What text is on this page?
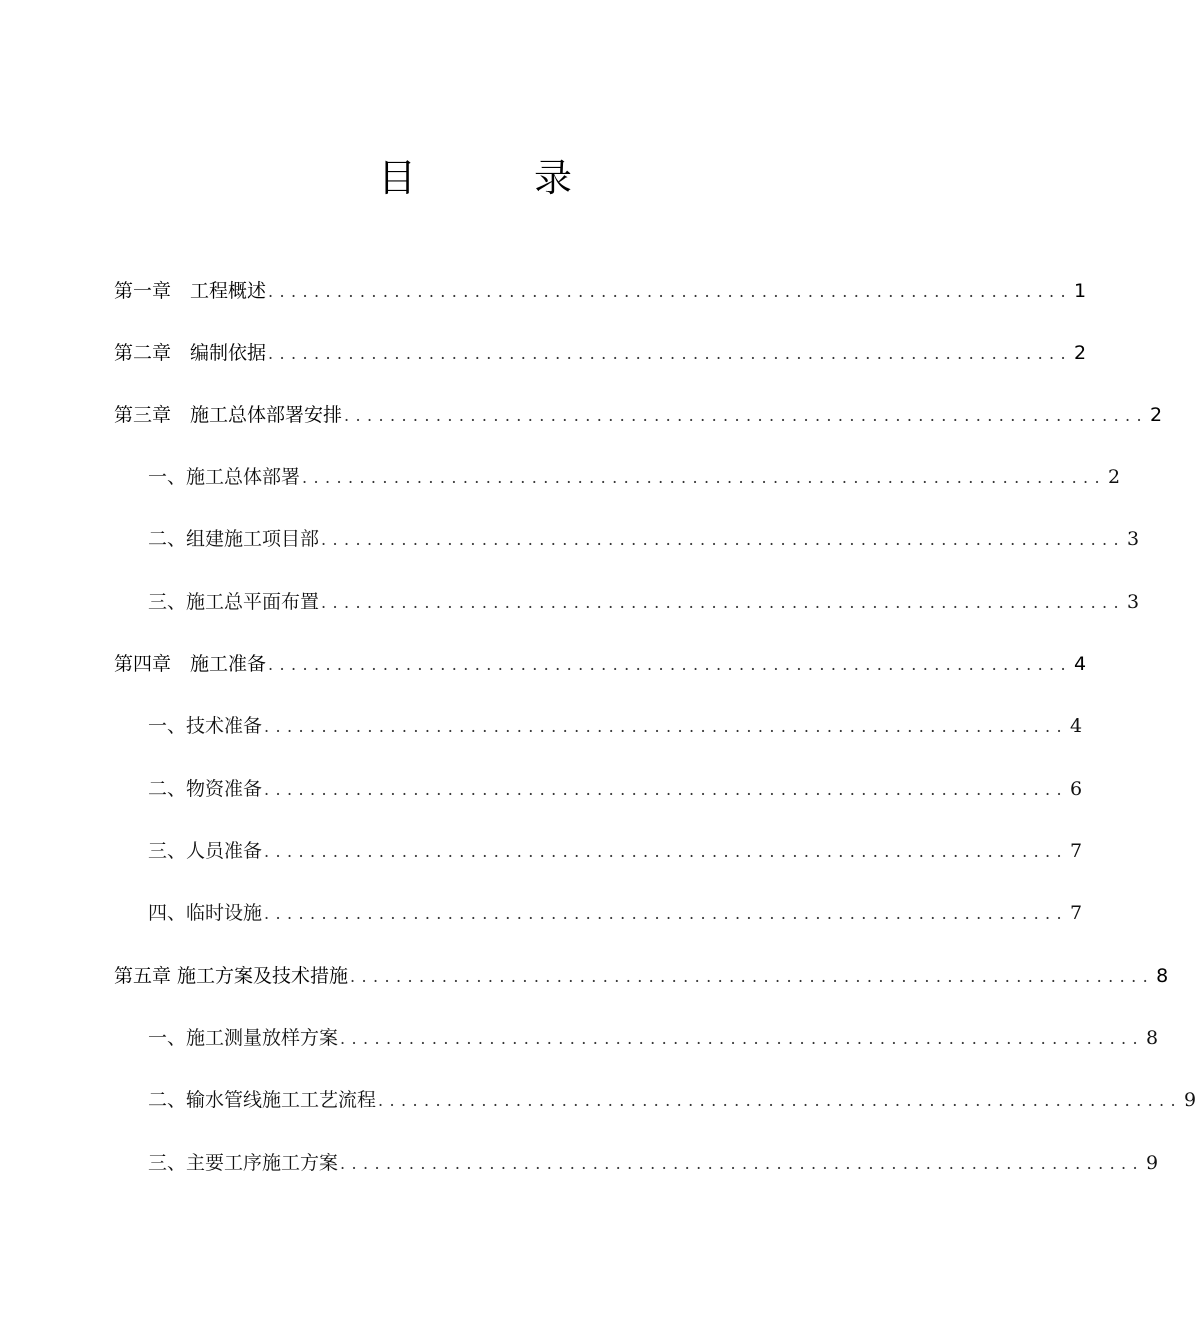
目　录
第一章　工程概述 ...................................................................... 1
第二章　编制依据 ...................................................................... 2
第三章　施工总体部署安排 ...................................................................... 2
一、施工总体部署 ...................................................................... 2
二、组建施工项目部 ...................................................................... 3
三、施工总平面布置 ...................................................................... 3
第四章　施工准备 ...................................................................... 4
一、技术准备 ...................................................................... 4
二、物资准备 ...................................................................... 6
三、人员准备 ...................................................................... 7
四、临时设施 ...................................................................... 7
第五章 施工方案及技术措施 ...................................................................... 8
一、施工测量放样方案 ...................................................................... 8
二、输水管线施工工艺流程 ...................................................................... 9
三、主要工序施工方案 ...................................................................... 9
